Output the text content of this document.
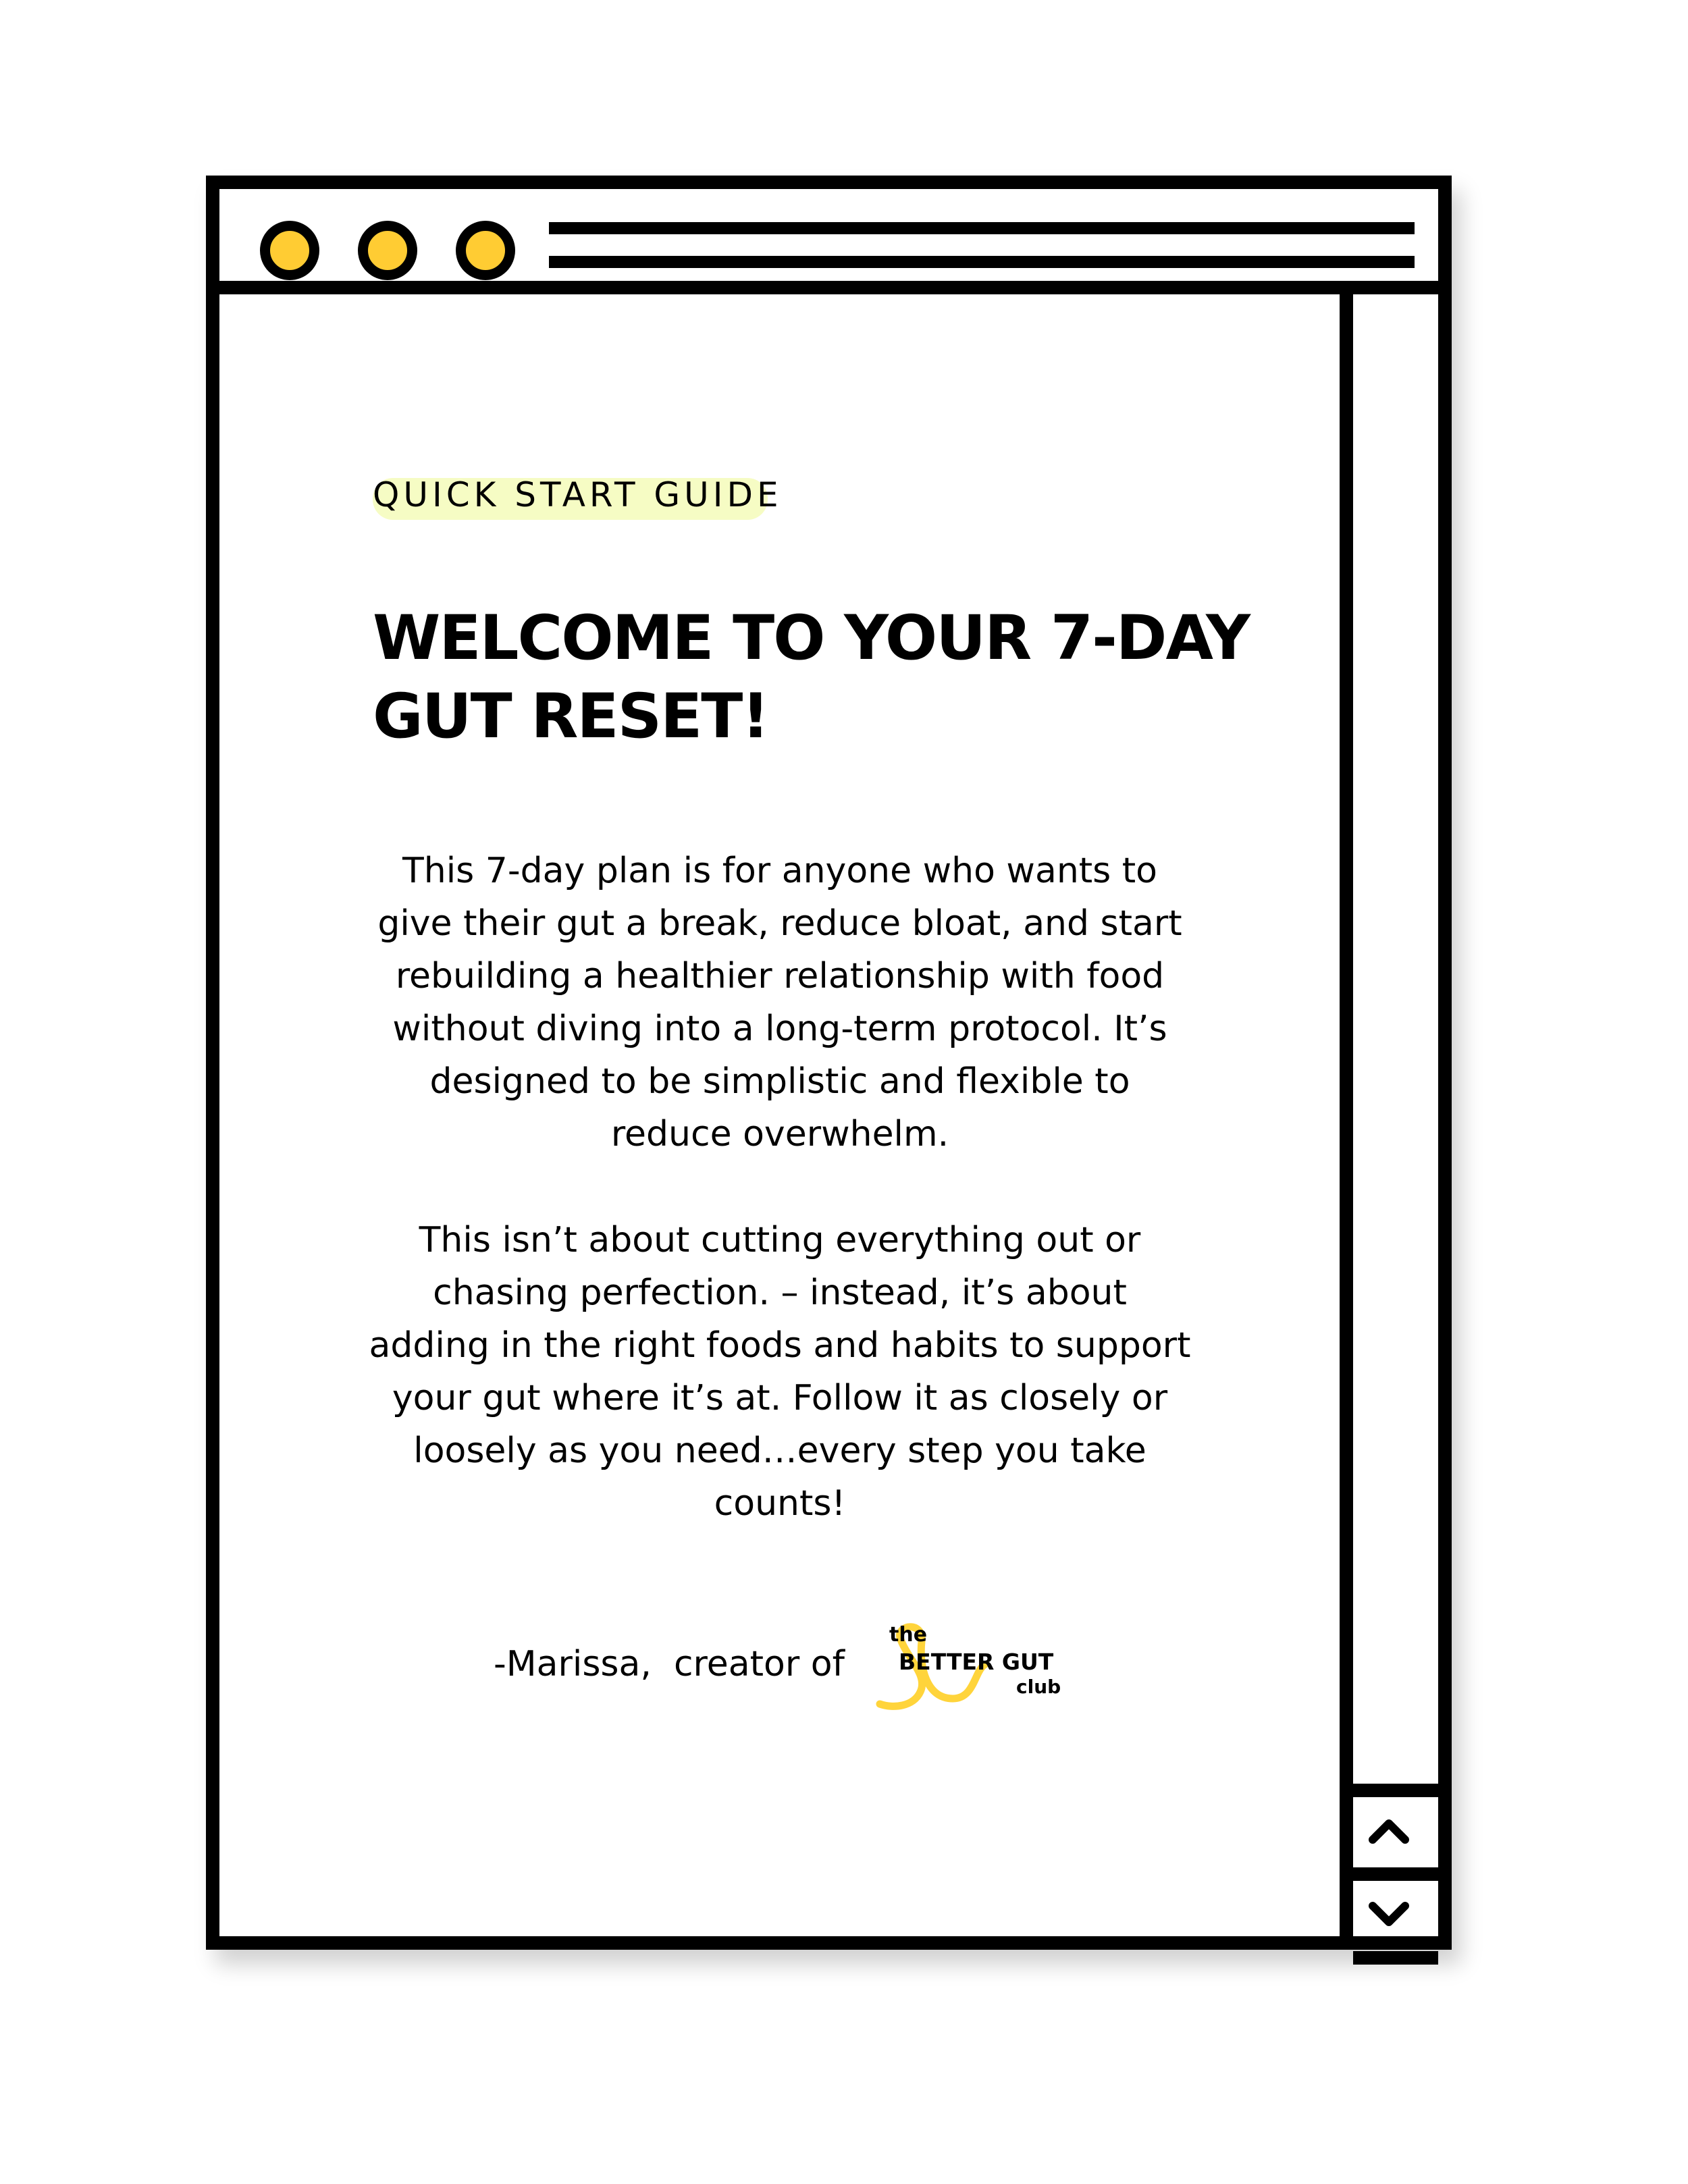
QUICK START GUIDE
WELCOME TO YOUR 7-DAY GUT RESET!
This 7-day plan is for anyone who wants to give their gut a break, reduce bloat, and start rebuilding a healthier relationship with food without diving into a long-term protocol. It’s designed to be simplistic and flexible to reduce overwhelm.
This isn’t about cutting everything out or chasing perfection. – instead, it’s about adding in the right foods and habits to support your gut where it’s at. Follow it as closely or loosely as you need…every step you take counts!
-Marissa,  creator of
the
BETTER GUT
club
